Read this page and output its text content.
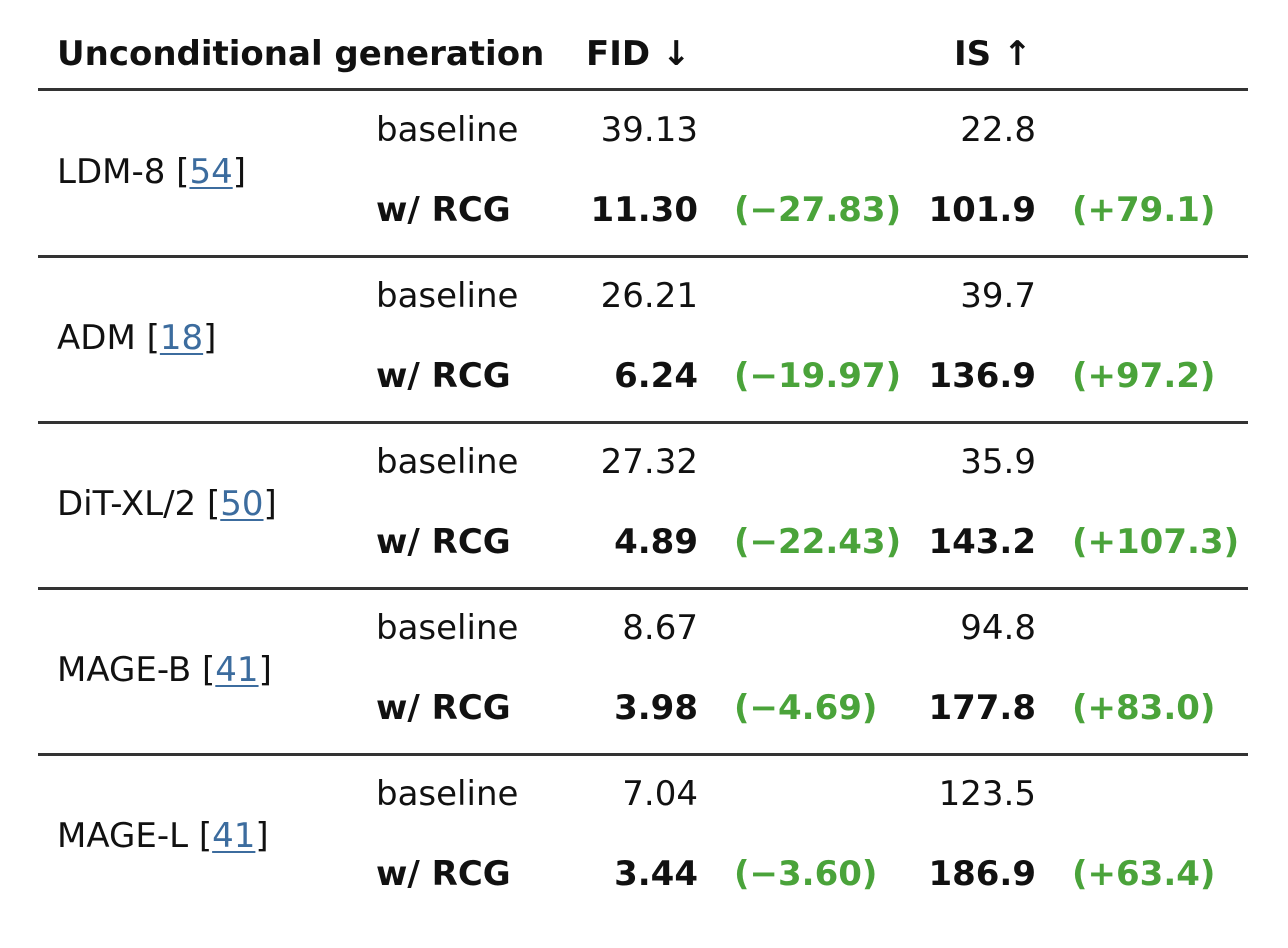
Unconditional generation FID ↓	IS ↑
LDM-8 [54]
baseline 39.13	22.8
w/ RCG 11.30 (−27.83) 101.9 (+79.1)
ADM [18]
baseline 26.21	39.7
w/ RCG	6.24 (−19.97) 136.9 (+97.2)
DiT-XL/2 [50]
baseline 27.32	35.9
w/ RCG	4.89 (−22.43) 143.2 (+107.3)
MAGE-B [41]
baseline	8.67	94.8
w/ RCG	3.98 (−4.69) 177.8 (+83.0)
MAGE-L [41]
baseline	7.04	123.5
w/ RCG	3.44 (−3.60) 186.9 (+63.4)
